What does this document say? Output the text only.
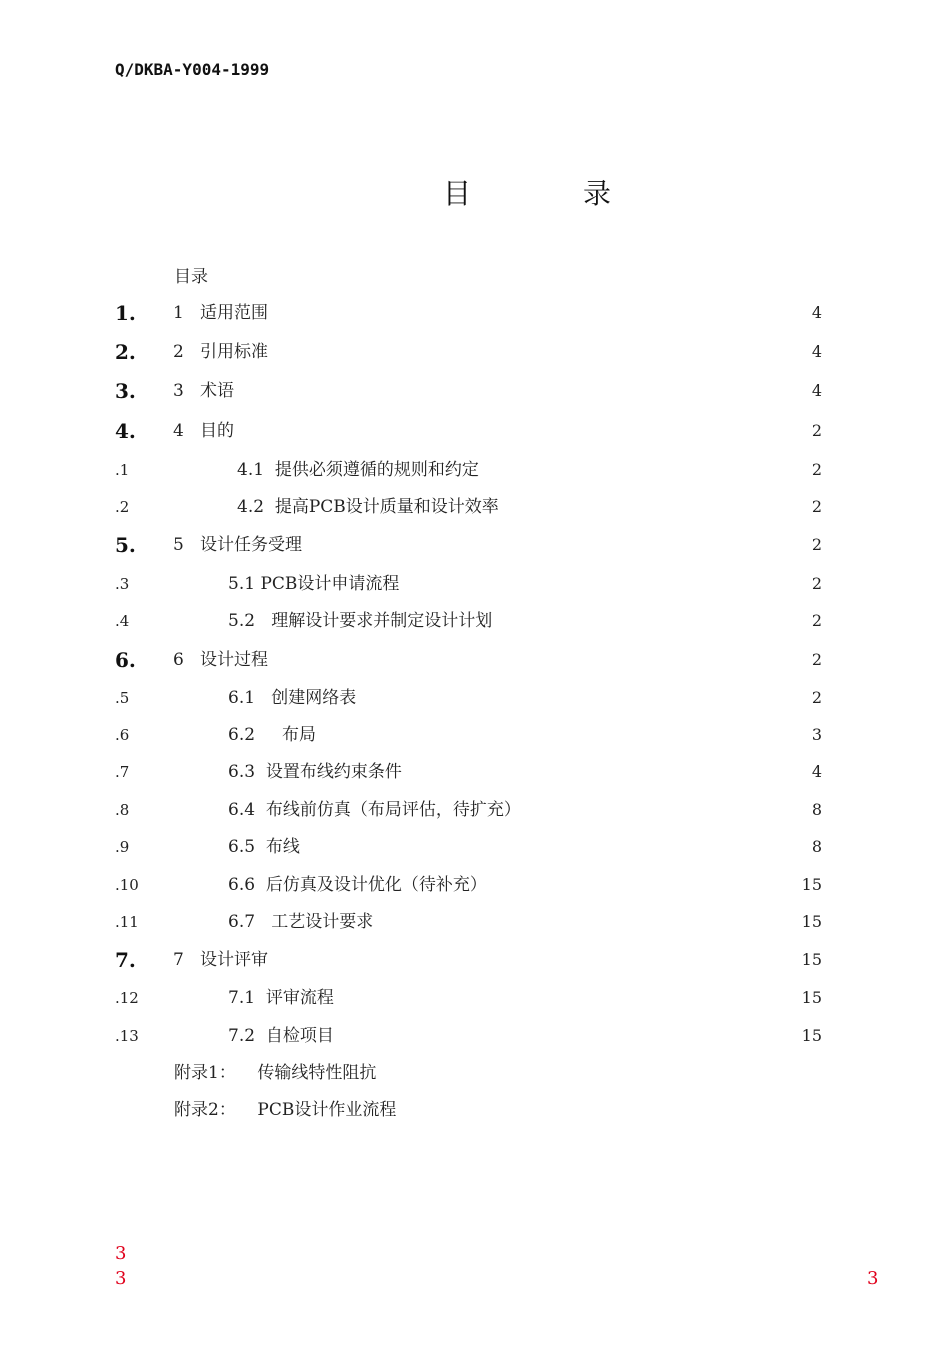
Q/DKBA-Y004-1999
目	录
目录
1. 1   适用范围	4
2. 2   引用标准	4
3. 3   术语	4
4. 4   目的	2
.1	4.1  提供必须遵循的规则和约定	2
.2	4.2  提高PCB设计质量和设计效率	2
5. 5   设计任务受理	2
.3	5.1 PCB设计申请流程	2
.4	5.2   理解设计要求并制定设计计划	2
6. 6   设计过程	2
.5	6.1   创建网络表	2
.6	6.2     布局	3
.7	6.3  设置布线约束条件	4
.8	6.4  布线前仿真（布局评估，待扩充）	8
.9	6.5  布线	8
.10	6.6  后仿真及设计优化（待补充）	15
.11	6.7   工艺设计要求	15
7. 7   设计评审	15
.12	7.1  评审流程	15
.13	7.2  自检项目	15
附录1：    传输线特性阻抗
附录2：    PCB设计作业流程
3
3	3
